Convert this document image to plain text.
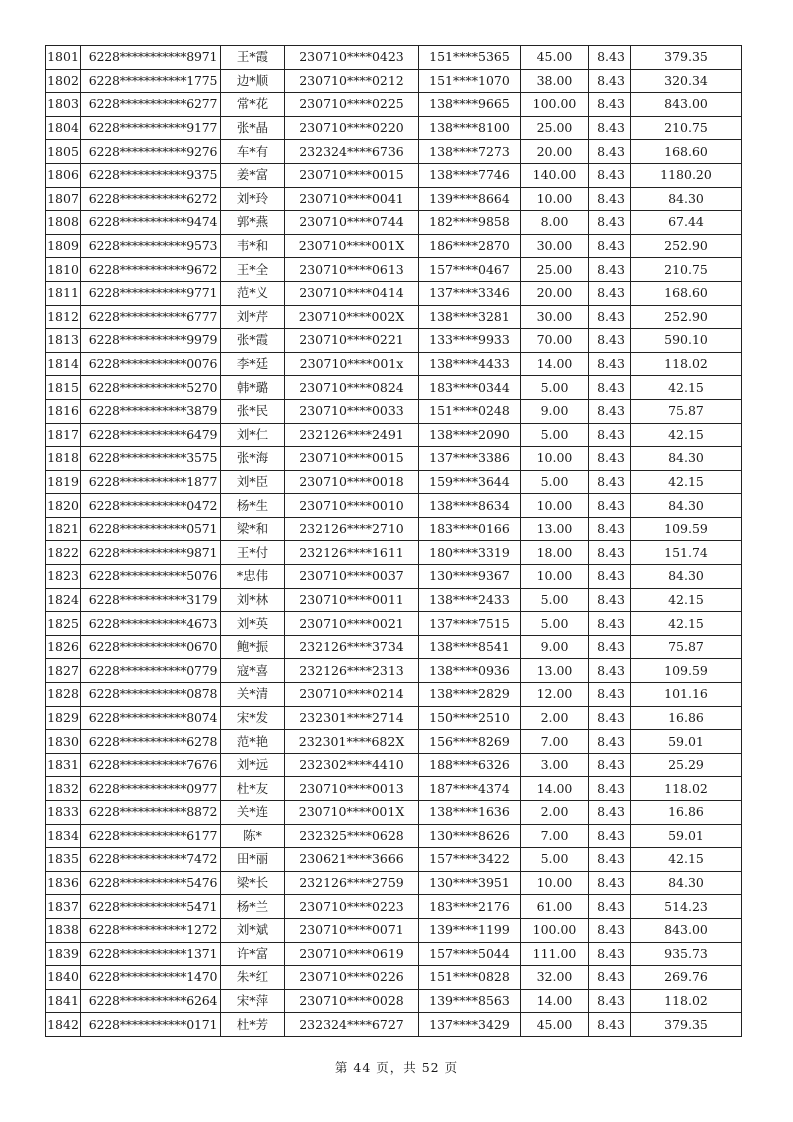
1801	6228***********8971	王*霞	230710****0423	151****5365	45.00	8.43	379.35
1802	6228***********1775	边*顺	230710****0212	151****1070	38.00	8.43	320.34
1803	6228***********6277	常*花	230710****0225	138****9665	100.00	8.43	843.00
1804	6228***********9177	张*晶	230710****0220	138****8100	25.00	8.43	210.75
1805	6228***********9276	车*有	232324****6736	138****7273	20.00	8.43	168.60
1806	6228***********9375	姜*富	230710****0015	138****7746	140.00	8.43	1180.20
1807	6228***********6272	刘*玲	230710****0041	139****8664	10.00	8.43	84.30
1808	6228***********9474	郭*燕	230710****0744	182****9858	8.00	8.43	67.44
1809	6228***********9573	韦*和	230710****001X	186****2870	30.00	8.43	252.90
1810	6228***********9672	王*全	230710****0613	157****0467	25.00	8.43	210.75
1811	6228***********9771	范*义	230710****0414	137****3346	20.00	8.43	168.60
1812	6228***********6777	刘*芹	230710****002X	138****3281	30.00	8.43	252.90
1813	6228***********9979	张*霞	230710****0221	133****9933	70.00	8.43	590.10
1814	6228***********0076	李*廷	230710****001x	138****4433	14.00	8.43	118.02
1815	6228***********5270	韩*璐	230710****0824	183****0344	5.00	8.43	42.15
1816	6228***********3879	张*民	230710****0033	151****0248	9.00	8.43	75.87
1817	6228***********6479	刘*仁	232126****2491	138****2090	5.00	8.43	42.15
1818	6228***********3575	张*海	230710****0015	137****3386	10.00	8.43	84.30
1819	6228***********1877	刘*臣	230710****0018	159****3644	5.00	8.43	42.15
1820	6228***********0472	杨*生	230710****0010	138****8634	10.00	8.43	84.30
1821	6228***********0571	梁*和	232126****2710	183****0166	13.00	8.43	109.59
1822	6228***********9871	王*付	232126****1611	180****3319	18.00	8.43	151.74
1823	6228***********5076	*忠伟	230710****0037	130****9367	10.00	8.43	84.30
1824	6228***********3179	刘*林	230710****0011	138****2433	5.00	8.43	42.15
1825	6228***********4673	刘*英	230710****0021	137****7515	5.00	8.43	42.15
1826	6228***********0670	鲍*振	232126****3734	138****8541	9.00	8.43	75.87
1827	6228***********0779	寇*喜	232126****2313	138****0936	13.00	8.43	109.59
1828	6228***********0878	关*清	230710****0214	138****2829	12.00	8.43	101.16
1829	6228***********8074	宋*发	232301****2714	150****2510	2.00	8.43	16.86
1830	6228***********6278	范*艳	232301****682X	156****8269	7.00	8.43	59.01
1831	6228***********7676	刘*远	232302****4410	188****6326	3.00	8.43	25.29
1832	6228***********0977	杜*友	230710****0013	187****4374	14.00	8.43	118.02
1833	6228***********8872	关*连	230710****001X	138****1636	2.00	8.43	16.86
1834	6228***********6177	陈*	232325****0628	130****8626	7.00	8.43	59.01
1835	6228***********7472	田*丽	230621****3666	157****3422	5.00	8.43	42.15
1836	6228***********5476	梁*长	232126****2759	130****3951	10.00	8.43	84.30
1837	6228***********5471	杨*兰	230710****0223	183****2176	61.00	8.43	514.23
1838	6228***********1272	刘*斌	230710****0071	139****1199	100.00	8.43	843.00
1839	6228***********1371	许*富	230710****0619	157****5044	111.00	8.43	935.73
1840	6228***********1470	朱*红	230710****0226	151****0828	32.00	8.43	269.76
1841	6228***********6264	宋*萍	230710****0028	139****8563	14.00	8.43	118.02
1842	6228***********0171	杜*芳	232324****6727	137****3429	45.00	8.43	379.35
第 44 页，共 52 页
